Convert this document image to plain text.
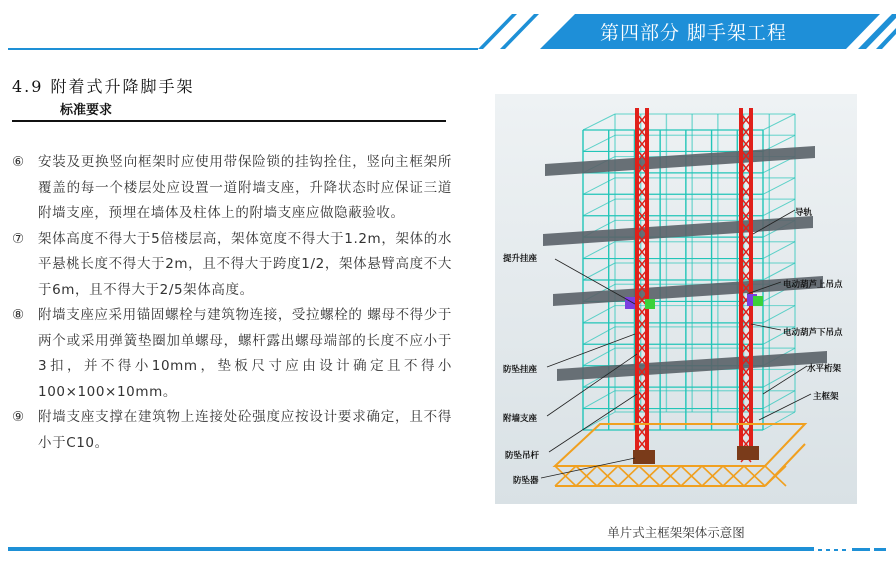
第四部分 脚手架工程
4.9 附着式升降脚手架
标准要求
⑥ 安装及更换竖向框架时应使用带保险锁的挂钩拴住，竖向主框架所覆盖的每一个楼层处应设置一道附墙支座，升降状态时应保证三道附墙支座，预埋在墙体及柱体上的附墙支座应做隐蔽验收。
⑦ 架体高度不得大于5倍楼层高，架体宽度不得大于1.2m，架体的水平悬桃长度不得大于2m，且不得大于跨度1/2，架体悬臂高度不大于6m，且不得大于2/5架体高度。
⑧ 附墙支座应采用锚固螺栓与建筑物连接，受拉螺栓的 螺母不得少于两个或采用弹簧垫圈加单螺母，螺杆露出螺母端部的长度不应小于3扣，并不得小10mm，垫板尺寸应由设计确定且不得小100×100×10mm。
⑨ 附墙支座支撑在建筑物上连接处砼强度应按设计要求确定，且不得小于C10。
导轨
提升挂座
电动葫芦上吊点
电动葫芦下吊点
防坠挂座	水平桁架
主框架
附墙支座
防坠吊杆
防坠器
单片式主框架架体示意图
